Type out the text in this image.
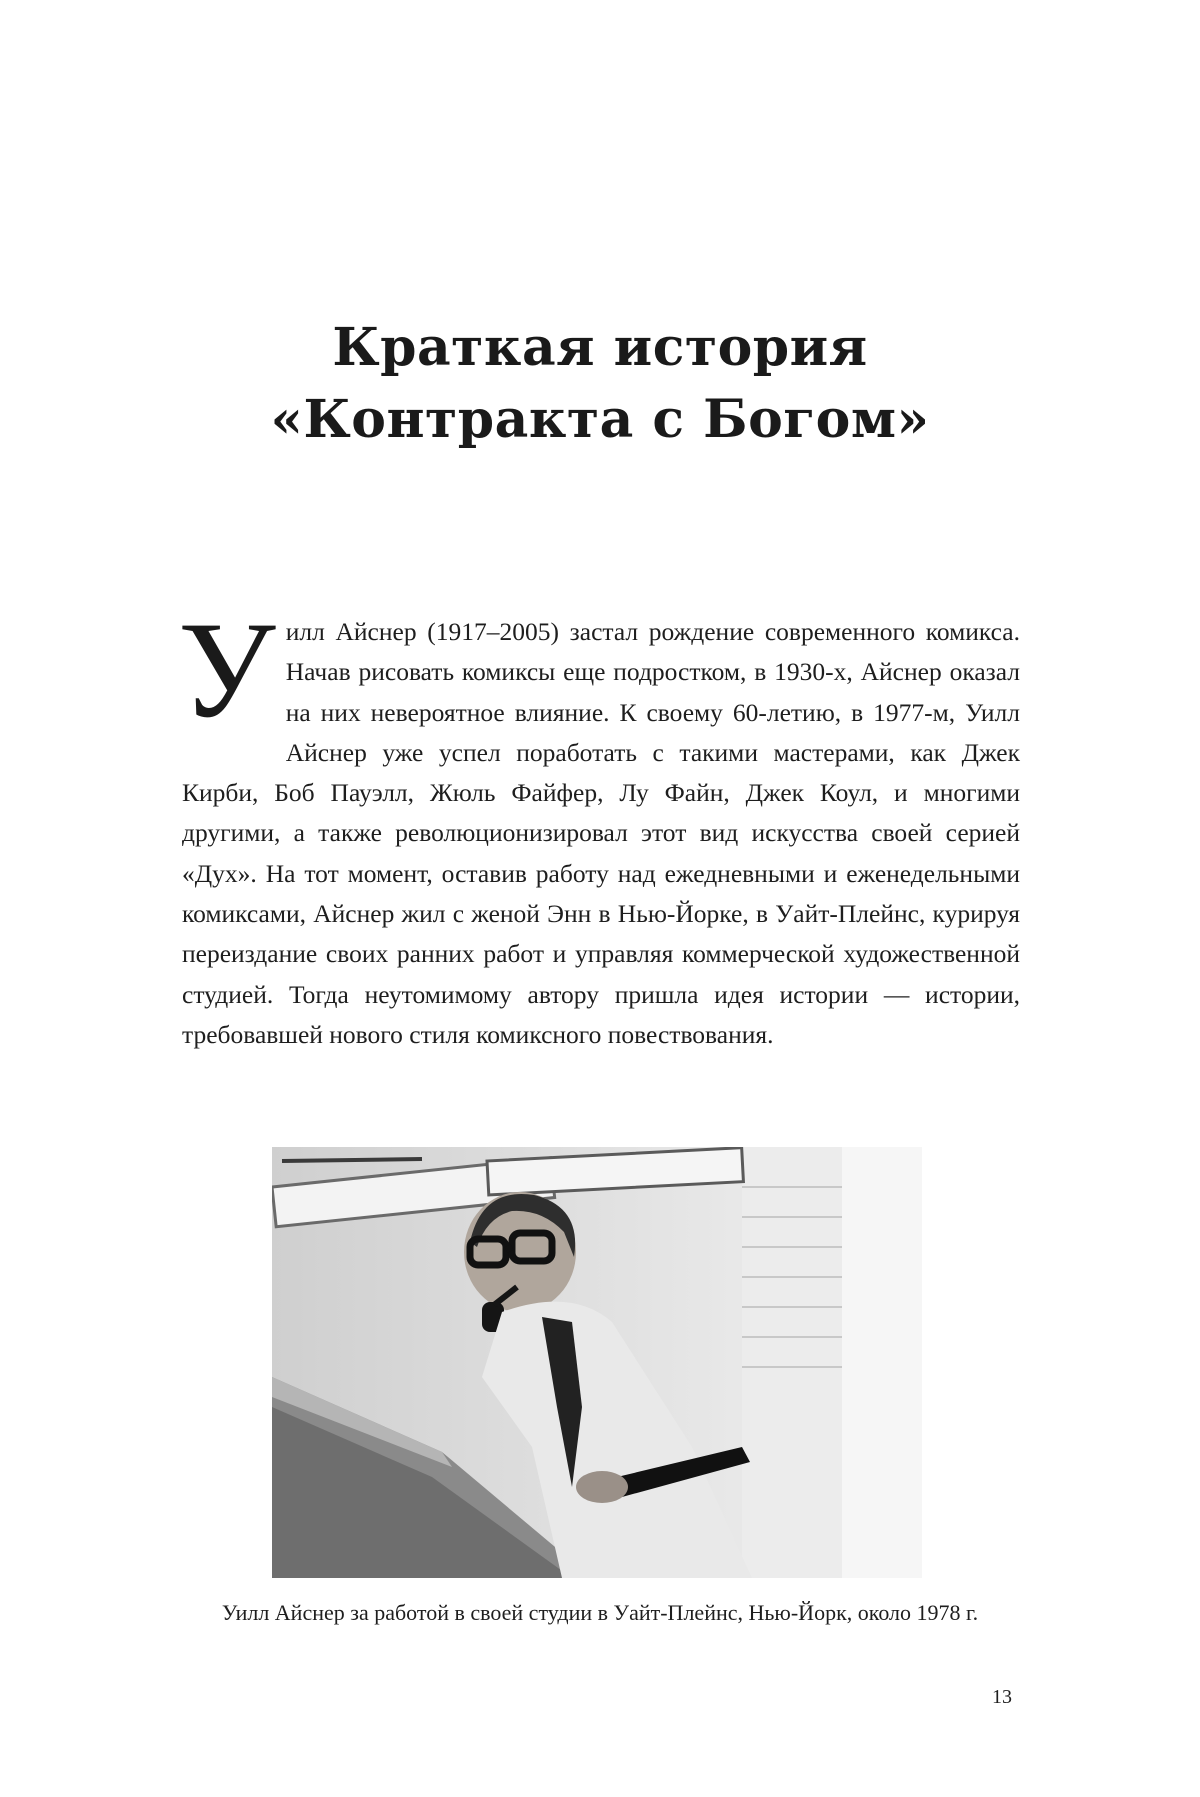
Краткая история
«Контракта с Богом»
У илл Айснер (1917–2005) застал рождение современного комикса. Начав рисовать комиксы еще подростком, в 1930-х, Айснер оказал на них невероятное влияние. К своему 60-летию, в 1977-м, Уилл Айснер уже успел поработать с такими мастерами, как Джек Кирби, Боб Пауэлл, Жюль Файфер, Лу Файн, Джек Коул, и многими другими, а также революционизировал этот вид искусства своей серией «Дух». На тот момент, оставив работу над ежедневными и еженедельными комиксами, Айснер жил с женой Энн в Нью-Йорке, в Уайт-Плейнс, курируя переиздание своих ранних работ и управляя коммерческой художественной студией. Тогда неутомимому автору пришла идея истории — истории, требовавшей нового стиля комиксного повествования.
Уилл Айснер за работой в своей студии в Уайт-Плейнс, Нью-Йорк, около 1978 г.
13
